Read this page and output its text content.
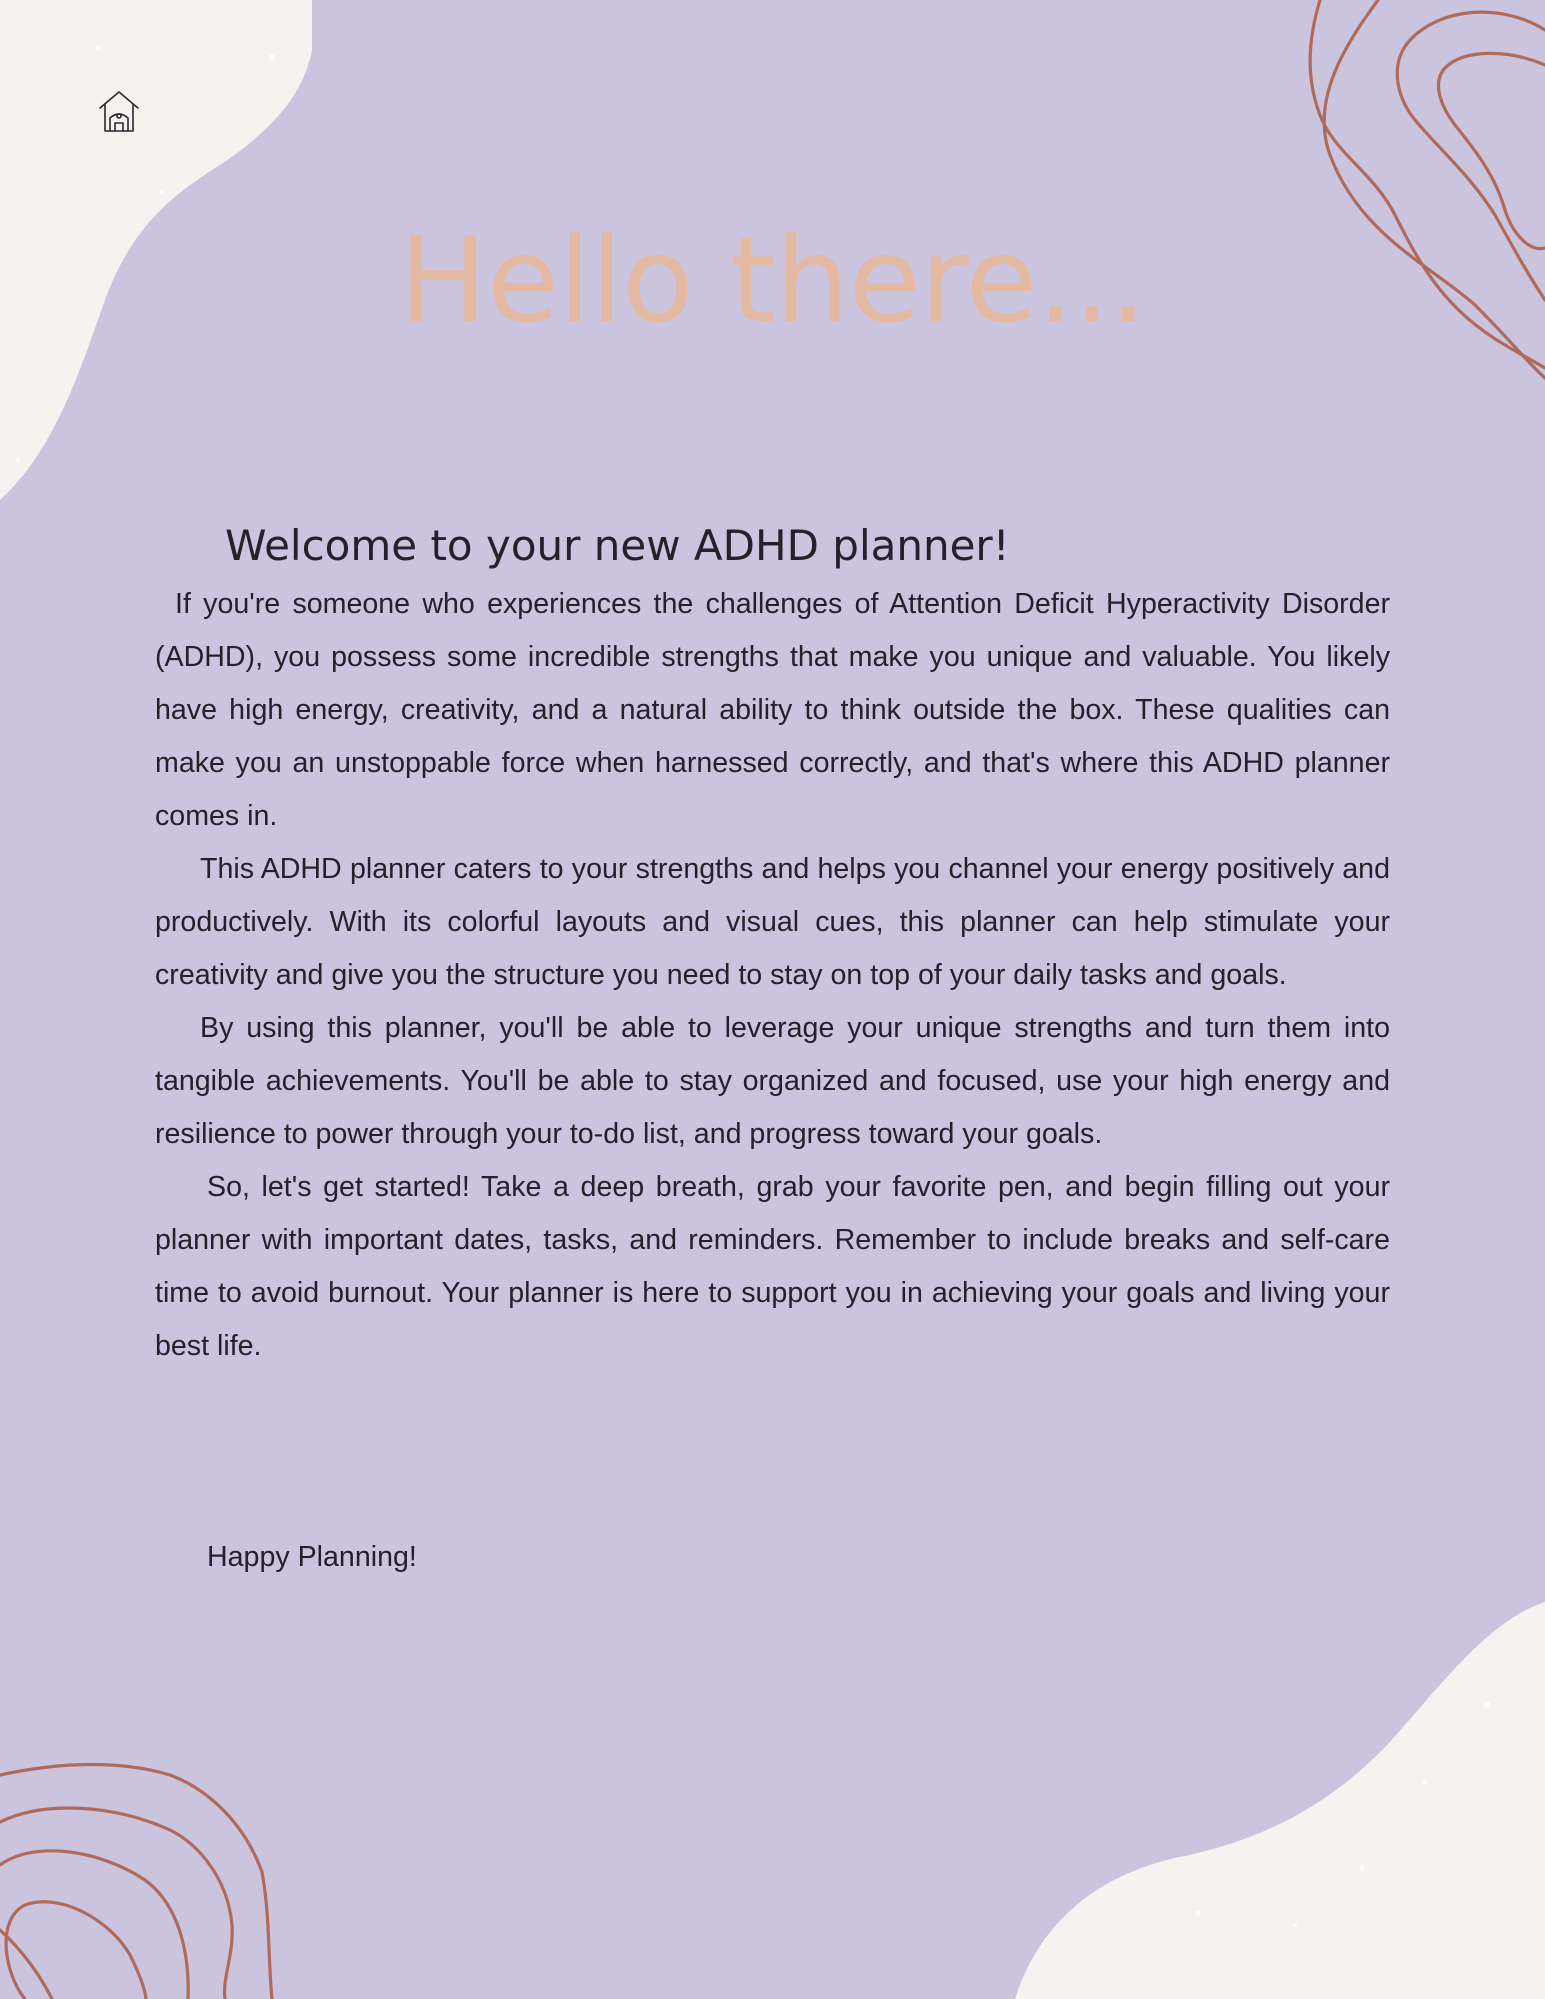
Hello there...
Welcome to your new ADHD planner!

If you're someone who experiences the challenges of Attention Deficit Hyperactivity Disorder (ADHD), you possess some incredible strengths that make you unique and valuable. You likely have high energy, creativity, and a natural ability to think outside the box. These qualities can make you an unstoppable force when harnessed correctly, and that's where this ADHD planner comes in.

This ADHD planner caters to your strengths and helps you channel your energy positively and productively. With its colorful layouts and visual cues, this planner can help stimulate your creativity and give you the structure you need to stay on top of your daily tasks and goals.

By using this planner, you'll be able to leverage your unique strengths and turn them into tangible achievements. You'll be able to stay organized and focused, use your high energy and resilience to power through your to-do list, and progress toward your goals.

So, let's get started! Take a deep breath, grab your favorite pen, and begin filling out your planner with important dates, tasks, and reminders. Remember to include breaks and self-care time to avoid burnout. Your planner is here to support you in achieving your goals and living your best life.

Happy Planning!
